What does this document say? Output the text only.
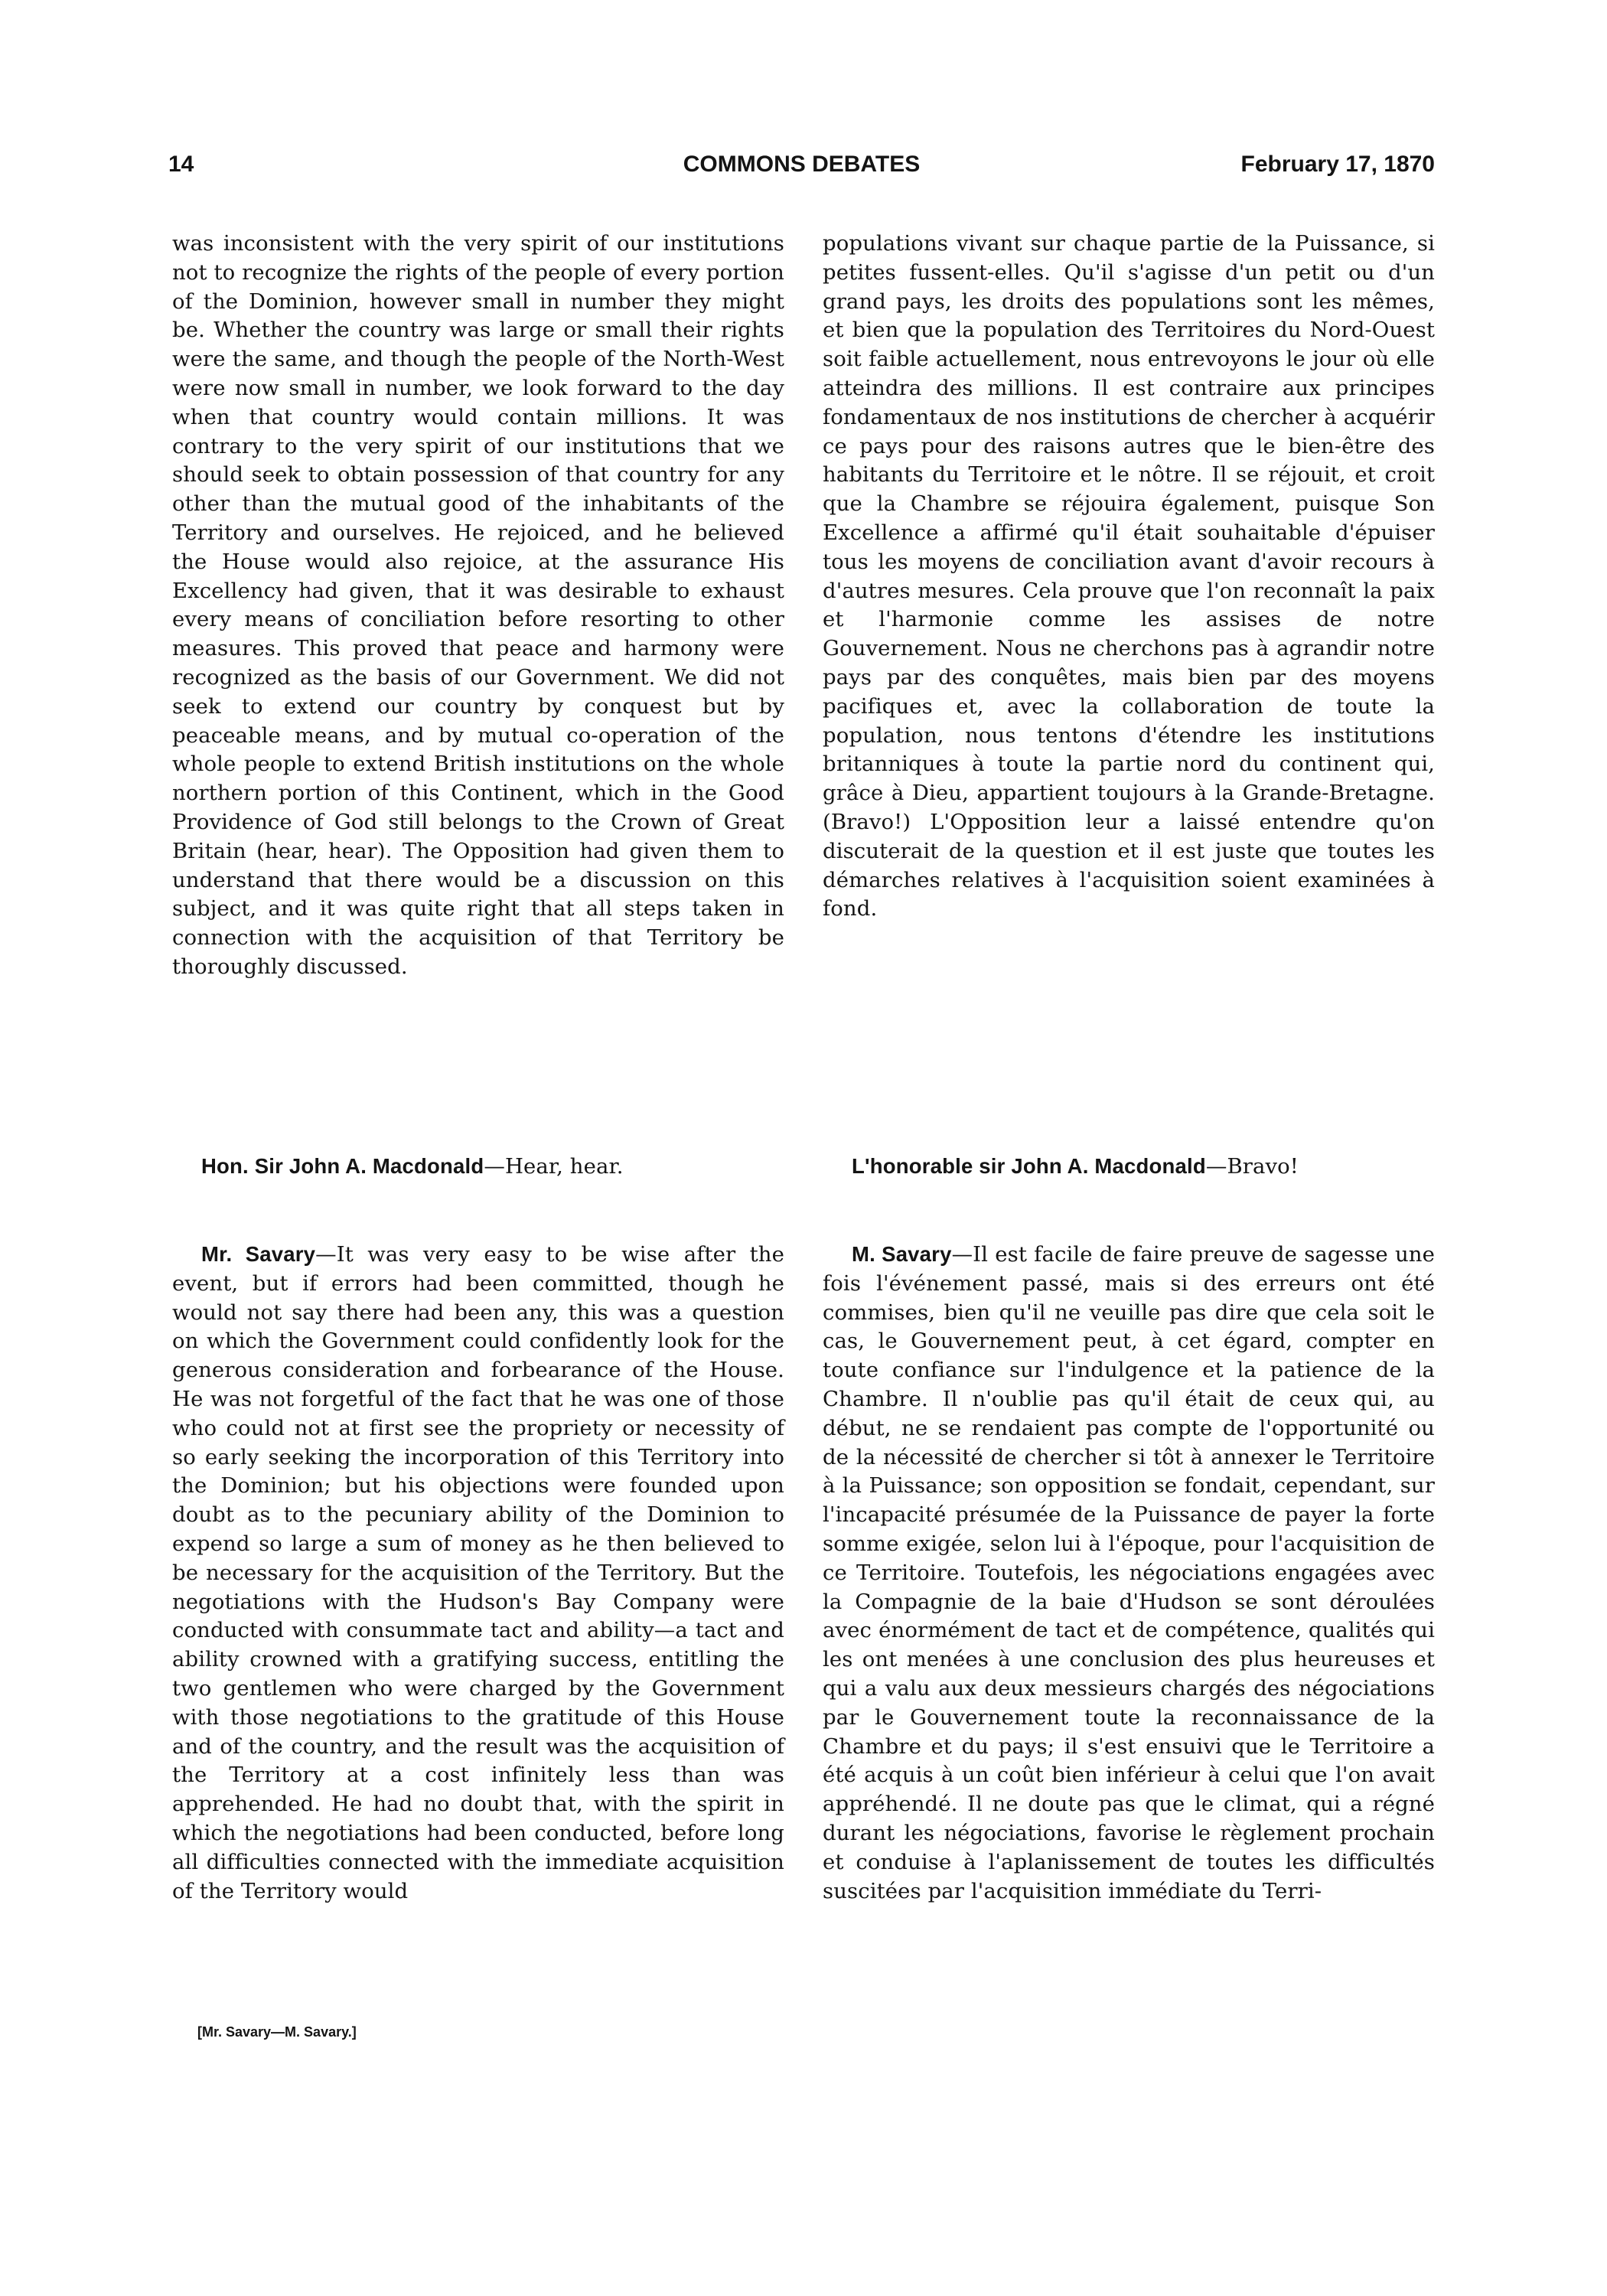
14	COMMONS DEBATES	February 17, 1870

was inconsistent with the very spirit of our institutions not to recognize the rights of the people of every portion of the Dominion, however small in number they might be. Whether the country was large or small their rights were the same, and though the people of the North-West were now small in number, we look forward to the day when that country would contain millions. It was contrary to the very spirit of our institutions that we should seek to obtain possession of that country for any other than the mutual good of the inhabitants of the Territory and ourselves. He rejoiced, and he believed the House would also rejoice, at the assurance His Excellency had given, that it was desirable to exhaust every means of conciliation before resorting to other measures. This proved that peace and harmony were recognized as the basis of our Government. We did not seek to extend our country by conquest but by peaceable means, and by mutual co-operation of the whole people to extend British institutions on the whole northern portion of this Continent, which in the Good Providence of God still belongs to the Crown of Great Britain (hear, hear). The Opposition had given them to understand that there would be a discussion on this subject, and it was quite right that all steps taken in connection with the acquisition of that Territory be thoroughly discussed.

populations vivant sur chaque partie de la Puissance, si petites fussent-elles. Qu'il s'agisse d'un petit ou d'un grand pays, les droits des populations sont les mêmes, et bien que la population des Territoires du Nord-Ouest soit faible actuellement, nous entrevoyons le jour où elle atteindra des millions. Il est contraire aux principes fondamentaux de nos institutions de chercher à acquérir ce pays pour des raisons autres que le bien-être des habitants du Territoire et le nôtre. Il se réjouit, et croit que la Chambre se réjouira également, puisque Son Excellence a affirmé qu'il était souhaitable d'épuiser tous les moyens de conciliation avant d'avoir recours à d'autres mesures. Cela prouve que l'on reconnaît la paix et l'harmonie comme les assises de notre Gouvernement. Nous ne cherchons pas à agrandir notre pays par des conquêtes, mais bien par des moyens pacifiques et, avec la collaboration de toute la population, nous tentons d'étendre les institutions britanniques à toute la partie nord du continent qui, grâce à Dieu, appartient toujours à la Grande-Bretagne. (Bravo!) L'Opposition leur a laissé entendre qu'on discuterait de la question et il est juste que toutes les démarches relatives à l'acquisition soient examinées à fond.

Hon. Sir John A. Macdonald—Hear, hear.	L'honorable sir John A. Macdonald—Bravo!

Mr. Savary—It was very easy to be wise after the event, but if errors had been committed, though he would not say there had been any, this was a question on which the Government could confidently look for the generous consideration and forbearance of the House. He was not forgetful of the fact that he was one of those who could not at first see the propriety or necessity of so early seeking the incorporation of this Territory into the Dominion; but his objections were founded upon doubt as to the pecuniary ability of the Dominion to expend so large a sum of money as he then believed to be necessary for the acquisition of the Territory. But the negotiations with the Hudson's Bay Company were conducted with consummate tact and ability—a tact and ability crowned with a gratifying success, entitling the two gentlemen who were charged by the Government with those negotiations to the gratitude of this House and of the country, and the result was the acquisition of the Territory at a cost infinitely less than was apprehended. He had no doubt that, with the spirit in which the negotiations had been conducted, before long all difficulties connected with the immediate acquisition of the Territory would

M. Savary—Il est facile de faire preuve de sagesse une fois l'événement passé, mais si des erreurs ont été commises, bien qu'il ne veuille pas dire que cela soit le cas, le Gouvernement peut, à cet égard, compter en toute confiance sur l'indulgence et la patience de la Chambre. Il n'oublie pas qu'il était de ceux qui, au début, ne se rendaient pas compte de l'opportunité ou de la nécessité de chercher si tôt à annexer le Territoire à la Puissance; son opposition se fondait, cependant, sur l'incapacité présumée de la Puissance de payer la forte somme exigée, selon lui à l'époque, pour l'acquisition de ce Territoire. Toutefois, les négociations engagées avec la Compagnie de la baie d'Hudson se sont déroulées avec énormément de tact et de compétence, qualités qui les ont menées à une conclusion des plus heureuses et qui a valu aux deux messieurs chargés des négociations par le Gouvernement toute la reconnaissance de la Chambre et du pays; il s'est ensuivi que le Territoire a été acquis à un coût bien inférieur à celui que l'on avait appréhendé. Il ne doute pas que le climat, qui a régné durant les négociations, favorise le règlement prochain et conduise à l'aplanissement de toutes les difficultés suscitées par l'acquisition immédiate du Terri-

[Mr. Savary—M. Savary.]
